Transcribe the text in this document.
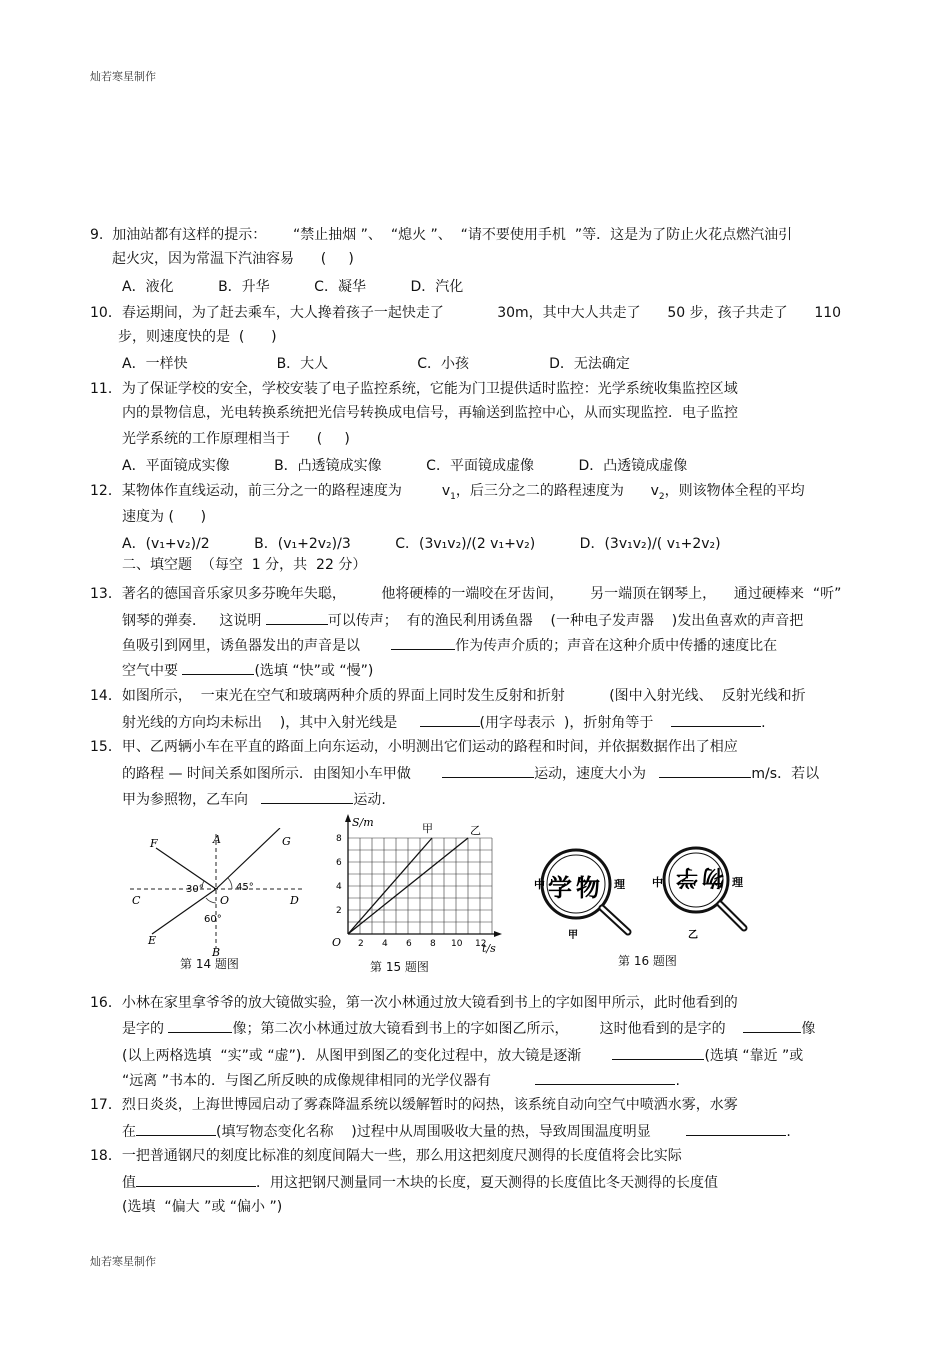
灿若寒星制作
9.  加油站都有这样的提示：      “禁止抽烟 ”、  “熄火 ”、  “请不要使用手机  ”等．这是为了防止火花点燃汽油引
起火灾，因为常温下汽油容易      (     )
A．液化          B．升华          C．凝华          D．汽化
10．春运期间，为了赶去乘车，大人搀着孩子一起快走了            30m，其中大人共走了      50 步，孩子共走了      110
步，则速度快的是  (      )
A．一样快                    B．大人                    C．小孩                  D．无法确定
11．为了保证学校的安全，学校安装了电子监控系统，它能为门卫提供适时监控：光学系统收集监控区域
内的景物信息，光电转换系统把光信号转换成电信号，再输送到监控中心，从而实现监控．电子监控
光学系统的工作原理相当于      (     )
A．平面镜成实像          B．凸透镜成实像          C．平面镜成虚像          D．凸透镜成虚像
12．某物体作直线运动，前三分之一的路程速度为         $v_1$，后三分之二的路程速度为      $v_2$，则该物体全程的平均
速度为 (      )
A．(v₁+v₂)/2          B．(v₁+2v₂)/3          C．(3v₁v₂)/(2 v₁+v₂)          D．(3v₁v₂)/( v₁+2v₂)
二、填空题  （每空  1 分，共  22 分）
13．著名的德国音乐家贝多芬晚年失聪，        他将硬棒的一端咬在牙齿间，      另一端顶在钢琴上，    通过硬棒来  “听”
钢琴的弹奏．   这说明	可以传声；  有的渔民利用诱鱼器    (一种电子发声器    )发出鱼喜欢的声音把
鱼吸引到网里，诱鱼器发出的声音是以	作为传声介质的；声音在这种介质中传播的速度比在
空气中要	(选填 “快”或 “慢”)
14．如图所示，  一束光在空气和玻璃两种介质的界面上同时发生反射和折射          (图中入射光线、  反射光线和折
射光线的方向均未标出    )，其中入射光线是	(用字母表示  )，折射角等于	.
15．甲、乙两辆小车在平直的路面上向东运动，小明测出它们运动的路程和时间，并依据数据作出了相应
的路程 — 时间关系如图所示．由图知小车甲做	运动，速度大小为	m/s．若以
甲为参照物，乙车向	运动.
F	A	G
C	O	D
E
B
30°	45°
60°
第 14 题图
S/m
t/s
O
甲	乙
2
4
6
8
2 4 6 8 10 12
第 15 题图
中 学 物 理
甲
中	理
物
学
乙
第 16 题图
16．小林在家里拿爷爷的放大镜做实验，第一次小林通过放大镜看到书上的字如图甲所示，此时他看到的
是字的	像；第二次小林通过放大镜看到书上的字如图乙所示，       这时他看到的是字的	像
(以上两格选填  “实”或 “虚”)．从图甲到图乙的变化过程中，放大镜是逐渐	(选填 “靠近 ”或
“远离 ”书本的．与图乙所反映的成像规律相同的光学仪器有	.
17．烈日炎炎，上海世博园启动了雾森降温系统以缓解暂时的闷热，该系统自动向空气中喷洒水雾，水雾
在	(填写物态变化名称    )过程中从周围吸收大量的热，导致周围温度明显	.
18．一把普通钢尺的刻度比标准的刻度间隔大一些，那么用这把刻度尺测得的长度值将会比实际
值	．用这把钢尺测量同一木块的长度，夏天测得的长度值比冬天测得的长度值
(选填  “偏大 ”或 “偏小 ”)
灿若寒星制作
